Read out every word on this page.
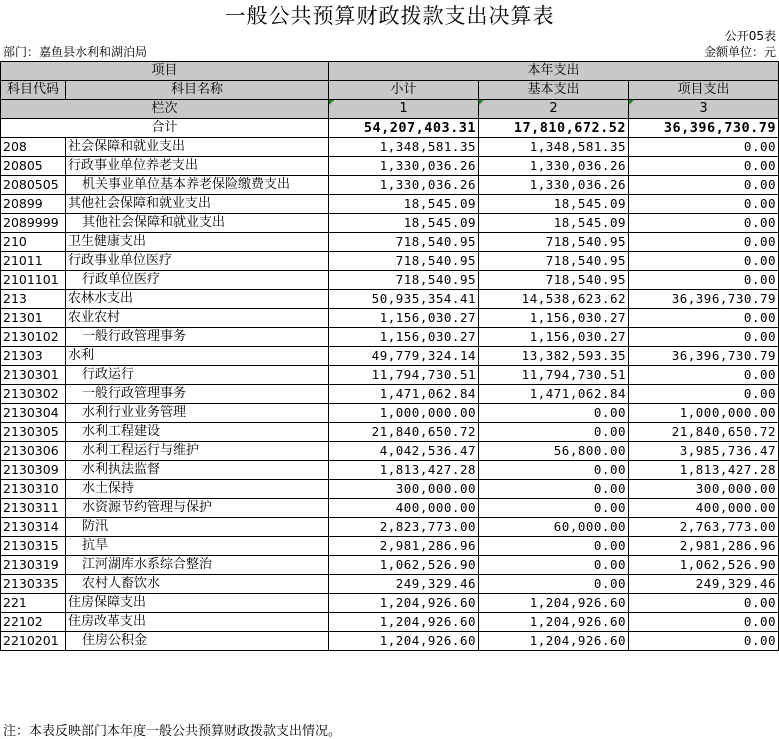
一般公共预算财政拨款支出决算表
公开05表
部门：嘉鱼县水利和湖泊局	金额单位：元
项目		本年支出		
科目代码	科目名称	小计	基本支出	项目支出
栏次		1	2	3
合计		54,207,403.31	17,810,672.52	36,396,730.79
208	社会保障和就业支出	1,348,581.35	1,348,581.35	0.00
20805	行政事业单位养老支出	1,330,036.26	1,330,036.26	0.00
2080505	机关事业单位基本养老保险缴费支出	1,330,036.26	1,330,036.26	0.00
20899	其他社会保障和就业支出	18,545.09	18,545.09	0.00
2089999	其他社会保障和就业支出	18,545.09	18,545.09	0.00
210	卫生健康支出	718,540.95	718,540.95	0.00
21011	行政事业单位医疗	718,540.95	718,540.95	0.00
2101101	行政单位医疗	718,540.95	718,540.95	0.00
213	农林水支出	50,935,354.41	14,538,623.62	36,396,730.79
21301	农业农村	1,156,030.27	1,156,030.27	0.00
2130102	一般行政管理事务	1,156,030.27	1,156,030.27	0.00
21303	水利	49,779,324.14	13,382,593.35	36,396,730.79
2130301	行政运行	11,794,730.51	11,794,730.51	0.00
2130302	一般行政管理事务	1,471,062.84	1,471,062.84	0.00
2130304	水利行业业务管理	1,000,000.00	0.00	1,000,000.00
2130305	水利工程建设	21,840,650.72	0.00	21,840,650.72
2130306	水利工程运行与维护	4,042,536.47	56,800.00	3,985,736.47
2130309	水利执法监督	1,813,427.28	0.00	1,813,427.28
2130310	水土保持	300,000.00	0.00	300,000.00
2130311	水资源节约管理与保护	400,000.00	0.00	400,000.00
2130314	防汛	2,823,773.00	60,000.00	2,763,773.00
2130315	抗旱	2,981,286.96	0.00	2,981,286.96
2130319	江河湖库水系综合整治	1,062,526.90	0.00	1,062,526.90
2130335	农村人畜饮水	249,329.46	0.00	249,329.46
221	住房保障支出	1,204,926.60	1,204,926.60	0.00
22102	住房改革支出	1,204,926.60	1,204,926.60	0.00
2210201	住房公积金	1,204,926.60	1,204,926.60	0.00
注：本表反映部门本年度一般公共预算财政拨款支出情况。
